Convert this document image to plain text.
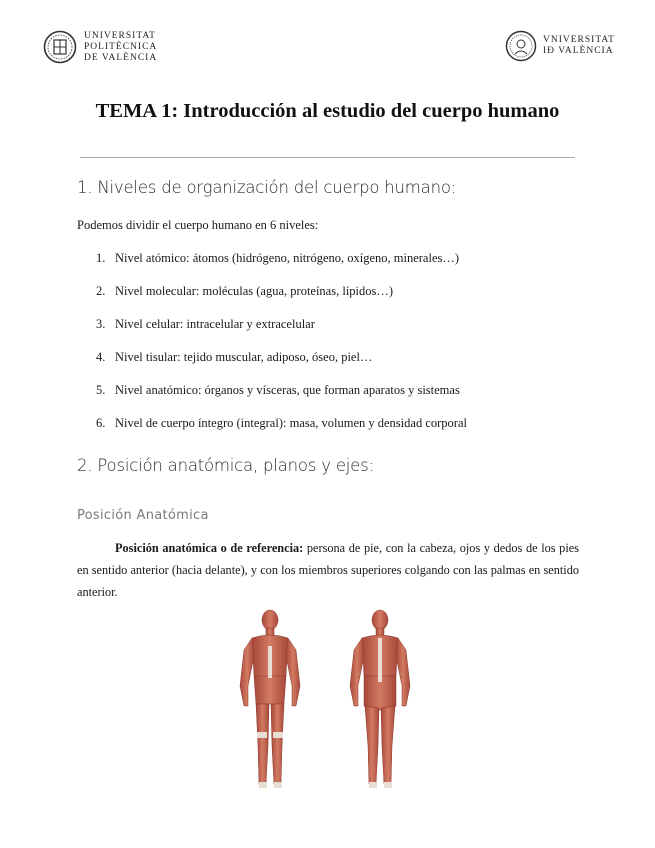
UNIVERSITAT
POLITÈCNICA
DE VALÈNCIA
VNIVERSITAT
IÐ VALÈNCIA
TEMA 1: Introducción al estudio del cuerpo humano
1. Niveles de organización del cuerpo humano:
Podemos dividir el cuerpo humano en 6 niveles:
1. Nivel atómico: átomos (hidrógeno, nitrógeno, oxígeno, minerales…)
2. Nivel molecular: moléculas (agua, proteínas, lípidos…)
3. Nivel celular: intracelular y extracelular
4. Nivel tisular: tejido muscular, adiposo, óseo, piel…
5. Nivel anatómico: órganos y vísceras, que forman aparatos y sistemas
6. Nivel de cuerpo íntegro (integral): masa, volumen y densidad corporal
2. Posición anatómica, planos y ejes:
Posición Anatómica
Posición anatómica o de referencia: persona de pie, con la cabeza, ojos y dedos de los pies en sentido anterior (hacia delante), y con los miembros superiores colgando con las palmas en sentido anterior.
